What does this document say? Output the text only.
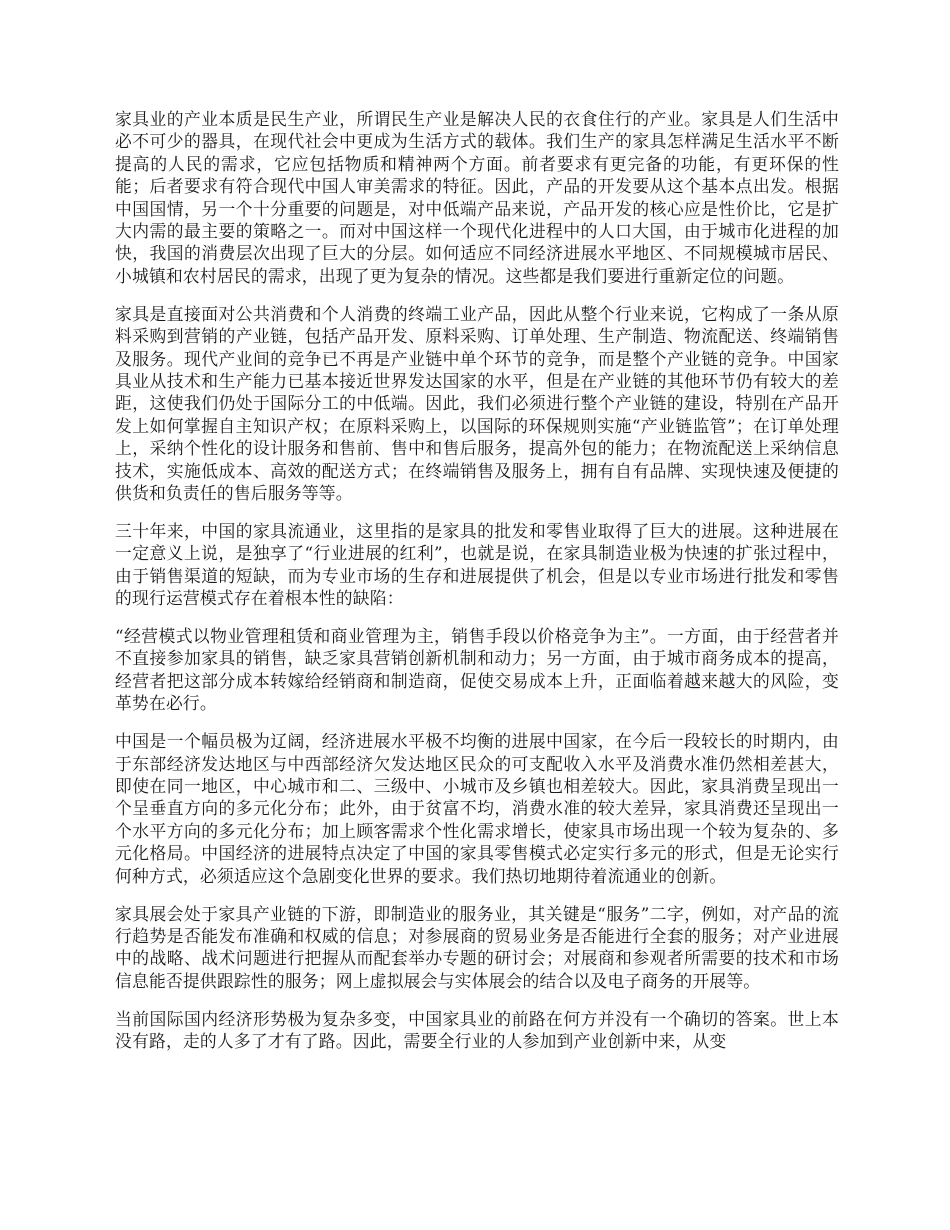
家具业的产业本质是民生产业，所谓民生产业是解决人民的衣食住行的产业。家具是人们生活中必不可少的器具，在现代社会中更成为生活方式的载体。我们生产的家具怎样满足生活水平不断提高的人民的需求，它应包括物质和精神两个方面。前者要求有更完备的功能，有更环保的性能；后者要求有符合现代中国人审美需求的特征。因此，产品的开发要从这个基本点出发。根据中国国情，另一个十分重要的问题是，对中低端产品来说，产品开发的核心应是性价比，它是扩大内需的最主要的策略之一。而对中国这样一个现代化进程中的人口大国，由于城市化进程的加快，我国的消费层次出现了巨大的分层。如何适应不同经济进展水平地区、不同规模城市居民、小城镇和农村居民的需求，出现了更为复杂的情况。这些都是我们要进行重新定位的问题。

家具是直接面对公共消费和个人消费的终端工业产品，因此从整个行业来说，它构成了一条从原料采购到营销的产业链，包括产品开发、原料采购、订单处理、生产制造、物流配送、终端销售及服务。现代产业间的竞争已不再是产业链中单个环节的竞争，而是整个产业链的竞争。中国家具业从技术和生产能力已基本接近世界发达国家的水平，但是在产业链的其他环节仍有较大的差距，这使我们仍处于国际分工的中低端。因此，我们必须进行整个产业链的建设，特别在产品开发上如何掌握自主知识产权；在原料采购上，以国际的环保规则实施“产业链监管”；在订单处理上，采纳个性化的设计服务和售前、售中和售后服务，提高外包的能力；在物流配送上采纳信息技术，实施低成本、高效的配送方式；在终端销售及服务上，拥有自有品牌、实现快速及便捷的供货和负责任的售后服务等等。

三十年来，中国的家具流通业，这里指的是家具的批发和零售业取得了巨大的进展。这种进展在一定意义上说，是独享了“行业进展的红利”，也就是说，在家具制造业极为快速的扩张过程中，由于销售渠道的短缺，而为专业市场的生存和进展提供了机会，但是以专业市场进行批发和零售的现行运营模式存在着根本性的缺陷：

“经营模式以物业管理租赁和商业管理为主，销售手段以价格竞争为主”。一方面，由于经营者并不直接参加家具的销售，缺乏家具营销创新机制和动力；另一方面，由于城市商务成本的提高，经营者把这部分成本转嫁给经销商和制造商，促使交易成本上升，正面临着越来越大的风险，变革势在必行。

中国是一个幅员极为辽阔，经济进展水平极不均衡的进展中国家，在今后一段较长的时期内，由于东部经济发达地区与中西部经济欠发达地区民众的可支配收入水平及消费水准仍然相差甚大，即使在同一地区，中心城市和二、三级中、小城市及乡镇也相差较大。因此，家具消费呈现出一个呈垂直方向的多元化分布；此外，由于贫富不均，消费水准的较大差异，家具消费还呈现出一个水平方向的多元化分布；加上顾客需求个性化需求增长，使家具市场出现一个较为复杂的、多元化格局。中国经济的进展特点决定了中国的家具零售模式必定实行多元的形式，但是无论实行何种方式，必须适应这个急剧变化世界的要求。我们热切地期待着流通业的创新。

家具展会处于家具产业链的下游，即制造业的服务业，其关键是“服务”二字，例如，对产品的流行趋势是否能发布准确和权威的信息；对参展商的贸易业务是否能进行全套的服务；对产业进展中的战略、战术问题进行把握从而配套举办专题的研讨会；对展商和参观者所需要的技术和市场信息能否提供跟踪性的服务；网上虚拟展会与实体展会的结合以及电子商务的开展等。

当前国际国内经济形势极为复杂多变，中国家具业的前路在何方并没有一个确切的答案。世上本没有路，走的人多了才有了路。因此，需要全行业的人参加到产业创新中来，从变
